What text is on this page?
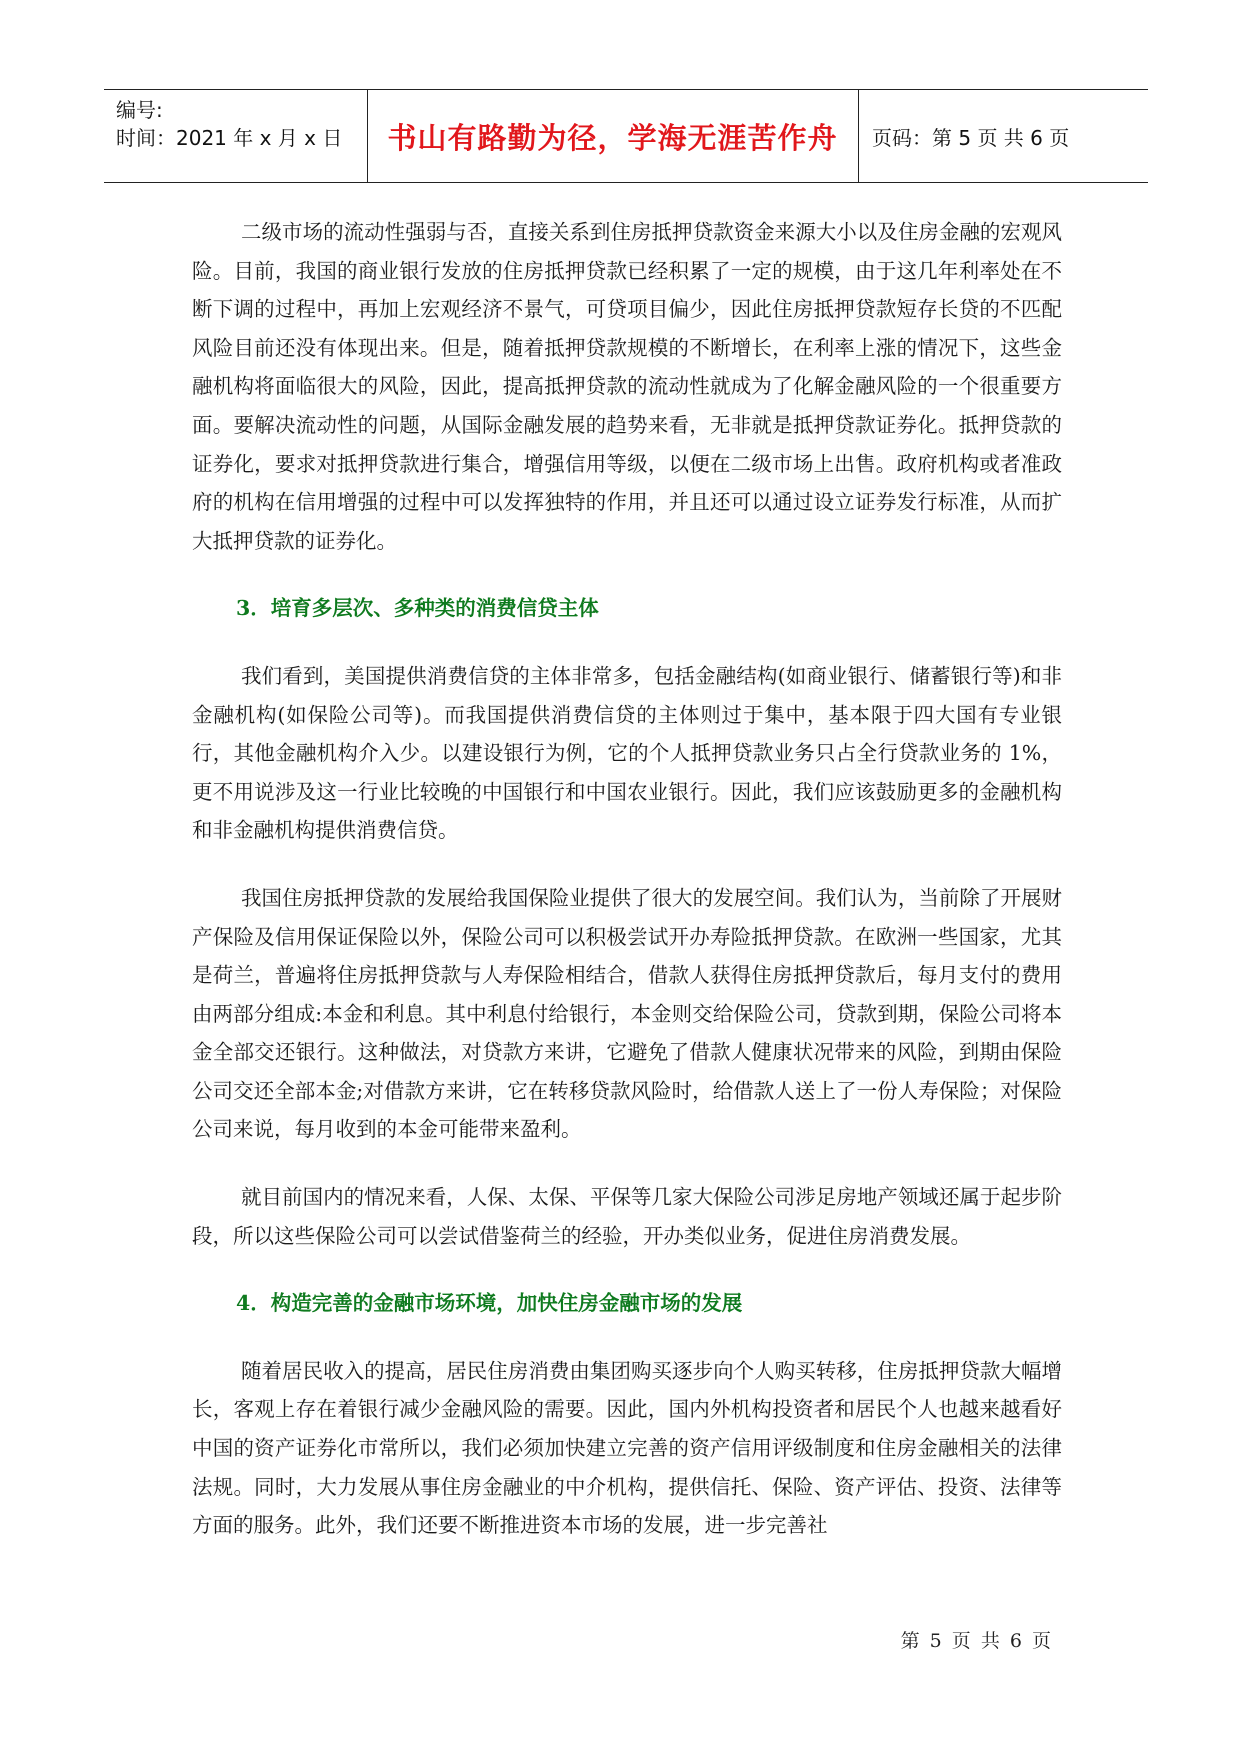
编号:
时间：2021 年 x 月 x 日	书山有路勤为径，学海无涯苦作舟	页码：第 5 页 共 6 页

二级市场的流动性强弱与否，直接关系到住房抵押贷款资金来源大小以及住房金融的宏观风险。目前，我国的商业银行发放的住房抵押贷款已经积累了一定的规模，由于这几年利率处在不断下调的过程中，再加上宏观经济不景气，可贷项目偏少，因此住房抵押贷款短存长贷的不匹配风险目前还没有体现出来。但是，随着抵押贷款规模的不断增长，在利率上涨的情况下，这些金融机构将面临很大的风险，因此，提高抵押贷款的流动性就成为了化解金融风险的一个很重要方面。要解决流动性的问题，从国际金融发展的趋势来看，无非就是抵押贷款证券化。抵押贷款的证券化，要求对抵押贷款进行集合，增强信用等级，以便在二级市场上出售。政府机构或者准政府的机构在信用增强的过程中可以发挥独特的作用，并且还可以通过设立证券发行标准，从而扩大抵押贷款的证券化。

3．培育多层次、多种类的消费信贷主体

我们看到，美国提供消费信贷的主体非常多，包括金融结构(如商业银行、储蓄银行等)和非金融机构(如保险公司等)。而我国提供消费信贷的主体则过于集中，基本限于四大国有专业银行，其他金融机构介入少。以建设银行为例，它的个人抵押贷款业务只占全行贷款业务的 1%，更不用说涉及这一行业比较晚的中国银行和中国农业银行。因此，我们应该鼓励更多的金融机构和非金融机构提供消费信贷。

我国住房抵押贷款的发展给我国保险业提供了很大的发展空间。我们认为，当前除了开展财产保险及信用保证保险以外，保险公司可以积极尝试开办寿险抵押贷款。在欧洲一些国家，尤其是荷兰，普遍将住房抵押贷款与人寿保险相结合，借款人获得住房抵押贷款后，每月支付的费用由两部分组成:本金和利息。其中利息付给银行，本金则交给保险公司，贷款到期，保险公司将本金全部交还银行。这种做法，对贷款方来讲，它避免了借款人健康状况带来的风险，到期由保险公司交还全部本金;对借款方来讲，它在转移贷款风险时，给借款人送上了一份人寿保险；对保险公司来说，每月收到的本金可能带来盈利。

就目前国内的情况来看，人保、太保、平保等几家大保险公司涉足房地产领域还属于起步阶段，所以这些保险公司可以尝试借鉴荷兰的经验，开办类似业务，促进住房消费发展。

4．构造完善的金融市场环境，加快住房金融市场的发展

随着居民收入的提高，居民住房消费由集团购买逐步向个人购买转移，住房抵押贷款大幅增长，客观上存在着银行减少金融风险的需要。因此，国内外机构投资者和居民个人也越来越看好中国的资产证券化市常所以，我们必须加快建立完善的资产信用评级制度和住房金融相关的法律法规。同时，大力发展从事住房金融业的中介机构，提供信托、保险、资产评估、投资、法律等方面的服务。此外，我们还要不断推进资本市场的发展，进一步完善社

第 5 页 共 6 页
